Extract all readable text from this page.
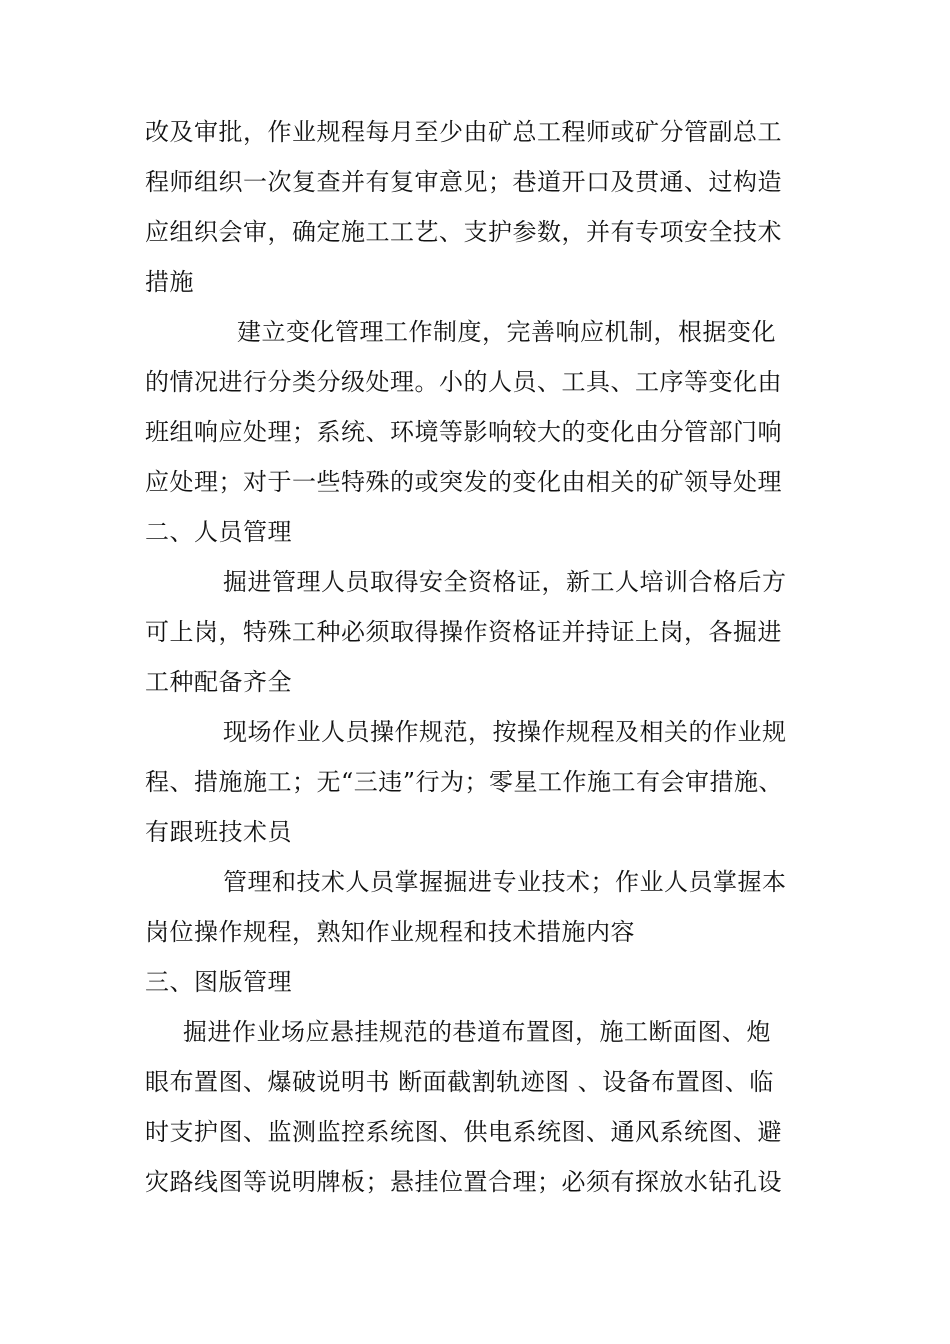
改及审批，作业规程每月至少由矿总工程师或矿分管副总工
程师组织一次复查并有复审意见；巷道开口及贯通、过构造
应组织会审，确定施工工艺、支护参数，并有专项安全技术
措施
建立变化管理工作制度，完善响应机制，根据变化
的情况进行分类分级处理。小的人员、工具、工序等变化由
班组响应处理；系统、环境等影响较大的变化由分管部门响
应处理；对于一些特殊的或突发的变化由相关的矿领导处理
二、人员管理
掘进管理人员取得安全资格证，新工人培训合格后方
可上岗，特殊工种必须取得操作资格证并持证上岗，各掘进
工种配备齐全
现场作业人员操作规范，按操作规程及相关的作业规
程、措施施工；无“三违”行为；零星工作施工有会审措施、
有跟班技术员
管理和技术人员掌握掘进专业技术；作业人员掌握本
岗位操作规程，熟知作业规程和技术措施内容
三、图版管理
掘进作业场应悬挂规范的巷道布置图，施工断面图、炮
眼布置图、爆破说明书 断面截割轨迹图 、设备布置图、临
时支护图、监测监控系统图、供电系统图、通风系统图、避
灾路线图等说明牌板；悬挂位置合理；必须有探放水钻孔设
